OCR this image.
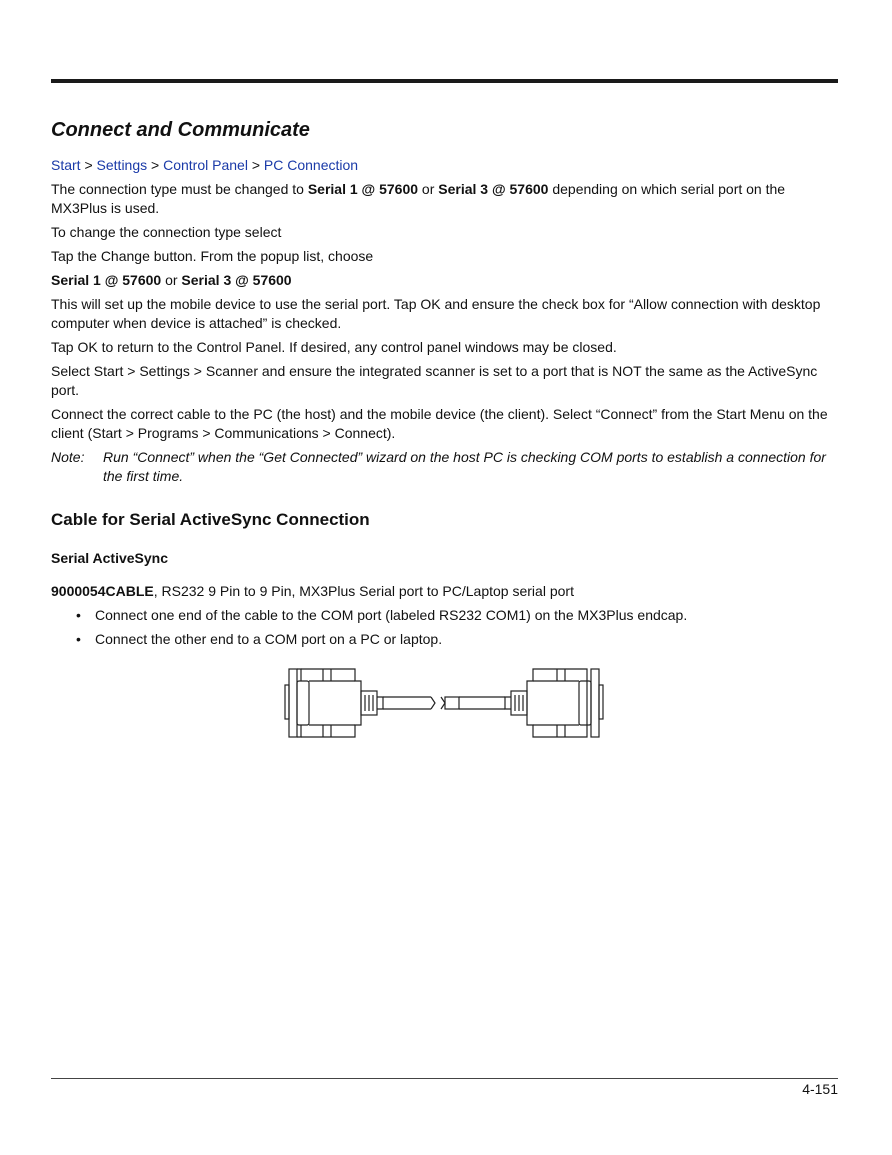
Connect and Communicate
Start > Settings > Control Panel > PC Connection

The connection type must be changed to Serial 1 @ 57600 or Serial 3 @ 57600 depending on which serial port on the MX3Plus is used.

To change the connection type select

Tap the Change button. From the popup list, choose

Serial 1 @ 57600 or Serial 3 @ 57600

This will set up the mobile device to use the serial port. Tap OK and ensure the check box for “Allow connection with desktop computer when device is attached” is checked.

Tap OK to return to the Control Panel. If desired, any control panel windows may be closed.

Select Start > Settings > Scanner and ensure the integrated scanner is set to a port that is NOT the same as the ActiveSync port.

Connect the correct cable to the PC (the host) and the mobile device (the client). Select “Connect” from the Start Menu on the client (Start > Programs > Communications > Connect).

Note:	Run “Connect” when the “Get Connected” wizard on the host PC is checking COM ports to establish a connection for the first time.
Cable for Serial ActiveSync Connection
Serial ActiveSync

9000054CABLE, RS232 9 Pin to 9 Pin, MX3Plus Serial port to PC/Laptop serial port

• Connect one end of the cable to the COM port (labeled RS232 COM1) on the MX3Plus endcap.
• Connect the other end to a COM port on a PC or laptop.
4-151
